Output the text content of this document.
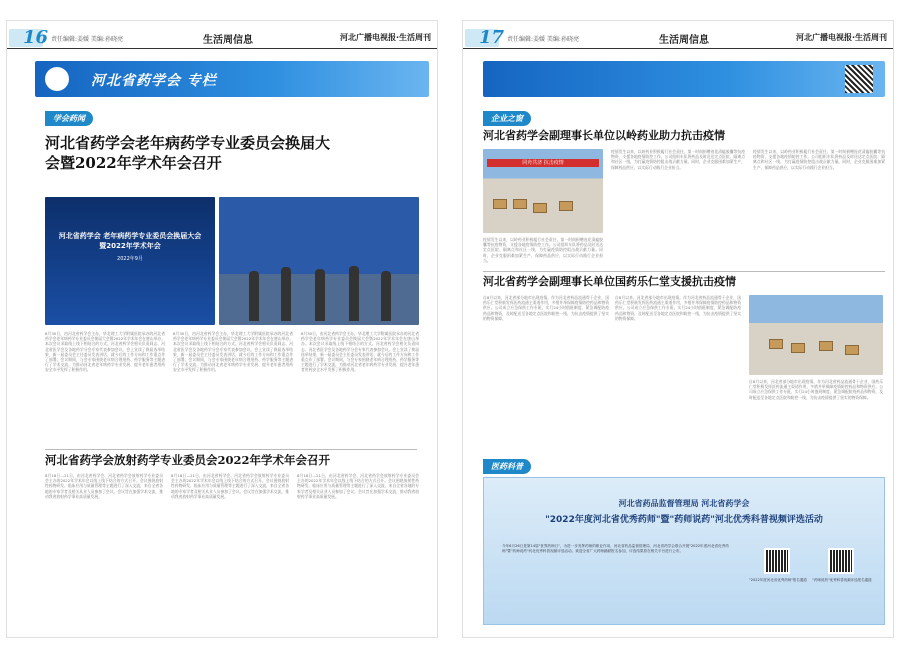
16 责任编辑:姜媛 美编:孙晓亮	生活周信息	河北广播电视报·生活周刊
河北省药学会 专栏
学会药闻
河北省药学会老年病药学专业委员会换届大会暨2022年学术年会召开
河北省药学会 老年病药学专业委员会换届大会 暨2022年学术年会
2022年9月
8月30日，由河北省药学会主办，华北理工大学附属医院承办的河北省药学会老年病药学专业委员会换届大会暨2022年学术年会在唐山举办。本次会议采取线上线下相结合的方式。河北省药学会相关负责同志、河北省医学会及各地药学分会专家代表参加会议。会上宣读了换届选举结果，新一届委员会主任委员发表讲话，就今后的工作方向和工作重点作了部署。会议期间，与会专家围绕老年病合理用药、药学服务等主题进行了学术交流，为推动河北省老年病药学专业发展、提升老年患者用药安全水平发挥了积极作用。
8月30日，由河北省药学会主办，华北理工大学附属医院承办的河北省药学会老年病药学专业委员会换届大会暨2022年学术年会在唐山举办。本次会议采取线上线下相结合的方式。河北省药学会相关负责同志、河北省医学会及各地药学分会专家代表参加会议。会上宣读了换届选举结果，新一届委员会主任委员发表讲话，就今后的工作方向和工作重点作了部署。会议期间，与会专家围绕老年病合理用药、药学服务等主题进行了学术交流，为推动河北省老年病药学专业发展、提升老年患者用药安全水平发挥了积极作用。
8月30日，由河北省药学会主办，华北理工大学附属医院承办的河北省药学会老年病药学专业委员会换届大会暨2022年学术年会在唐山举办。本次会议采取线上线下相结合的方式。河北省药学会相关负责同志、河北省医学会及各地药学分会专家代表参加会议。会上宣读了换届选举结果，新一届委员会主任委员发表讲话，就今后的工作方向和工作重点作了部署。会议期间，与会专家围绕老年病合理用药、药学服务等主题进行了学术交流，为推动河北省老年病药学专业发展、提升老年患者用药安全水平发挥了积极作用。
河北省药学会放射药学专业委员会2022年学术年会召开
8月18日—21日，由河北省药学会、河北省药学会放射药学专业委员会主办的2022年学术年会以线上线下结合的方式召开。会议围绕放射性药物研发、临床应用与质量管理等主题进行了深入交流，来自全省各地的专家学者及相关从业人员参加了会议。会议旨在加强学术交流，推动我省放射药学事业高质量发展。
8月18日—21日，由河北省药学会、河北省药学会放射药学专业委员会主办的2022年学术年会以线上线下结合的方式召开。会议围绕放射性药物研发、临床应用与质量管理等主题进行了深入交流，来自全省各地的专家学者及相关从业人员参加了会议。会议旨在加强学术交流，推动我省放射药学事业高质量发展。
8月18日—21日，由河北省药学会、河北省药学会放射药学专业委员会主办的2022年学术年会以线上线下结合的方式召开。会议围绕放射性药物研发、临床应用与质量管理等主题进行了深入交流，来自全省各地的专家学者及相关从业人员参加了会议。会议旨在加强学术交流，推动我省放射药学事业高质量发展。
17 责任编辑:姜媛 美编:孙晓亮	生活周信息	河北广播电视报·生活周刊
企业之窗
河北省药学会副理事长单位以岭药业助力抗击疫情
同舟共济 抗击疫情
疫情发生以来，以岭药业积极履行社会责任，第一时间捐赠连花清瘟胶囊等抗疫物资，支援各地疫情防控工作。公司组织车队将药品及时送达定点医院、隔离点和社区一线，为打赢疫情防控阻击战贡献力量。同时，企业克服困难加紧生产，保障药品供应，以实际行动践行企业担当。
疫情发生以来，以岭药业积极履行社会责任，第一时间捐赠连花清瘟胶囊等抗疫物资，支援各地疫情防控工作。公司组织车队将药品及时送达定点医院、隔离点和社区一线，为打赢疫情防控阻击战贡献力量。同时，企业克服困难加紧生产，保障药品供应，以实际行动践行企业担当。
疫情发生以来，以岭药业积极履行社会责任，第一时间捐赠连花清瘟胶囊等抗疫物资，支援各地疫情防控工作。公司组织车队将药品及时送达定点医院、隔离点和社区一线，为打赢疫情防控阻击战贡献力量。同时，企业克服困难加紧生产，保障药品供应，以实际行动践行企业担当。
河北省药学会副理事长单位国药乐仁堂支援抗击疫情
自8月以来，河北省部分地市出现疫情。作为河北省药品流通骨干企业，国药乐仁堂积极发挥医药流通主渠道作用，多措并举保障疫情防控药品和物资供应。公司成立应急保供工作专班，实行24小时值班制度，紧急调配防疫药品和物资，及时配送至各地定点医院和防控一线，为抗击疫情提供了坚实的物资保障。
自8月以来，河北省部分地市出现疫情。作为河北省药品流通骨干企业，国药乐仁堂积极发挥医药流通主渠道作用，多措并举保障疫情防控药品和物资供应。公司成立应急保供工作专班，实行24小时值班制度，紧急调配防疫药品和物资，及时配送至各地定点医院和防控一线，为抗击疫情提供了坚实的物资保障。
自8月以来，河北省部分地市出现疫情。作为河北省药品流通骨干企业，国药乐仁堂积极发挥医药流通主渠道作用，多措并举保障疫情防控药品和物资供应。公司成立应急保供工作专班，实行24小时值班制度，紧急调配防疫药品和物资，及时配送至各地定点医院和防控一线，为抗击疫情提供了坚实的物资保障。
医药科普
河北省药品监督管理局 河北省药学会
"2022年度河北省优秀药师"暨"药师说药"河北优秀科普视频评选活动
今年6月26日是第14届"世界药师日"，为进一步发挥药师的职业作用，河北省药品监督管理局、河北省药学会联合开展"2022年度河北省优秀药师"暨"药师说药"河北优秀科普视频评选活动。欢迎全省广大药师踊跃报名参加，评选结果将在相关平台进行公布。
"2022年度河北省优秀药师"报名通道	"药师说药"优秀科普视频评选报名通道
